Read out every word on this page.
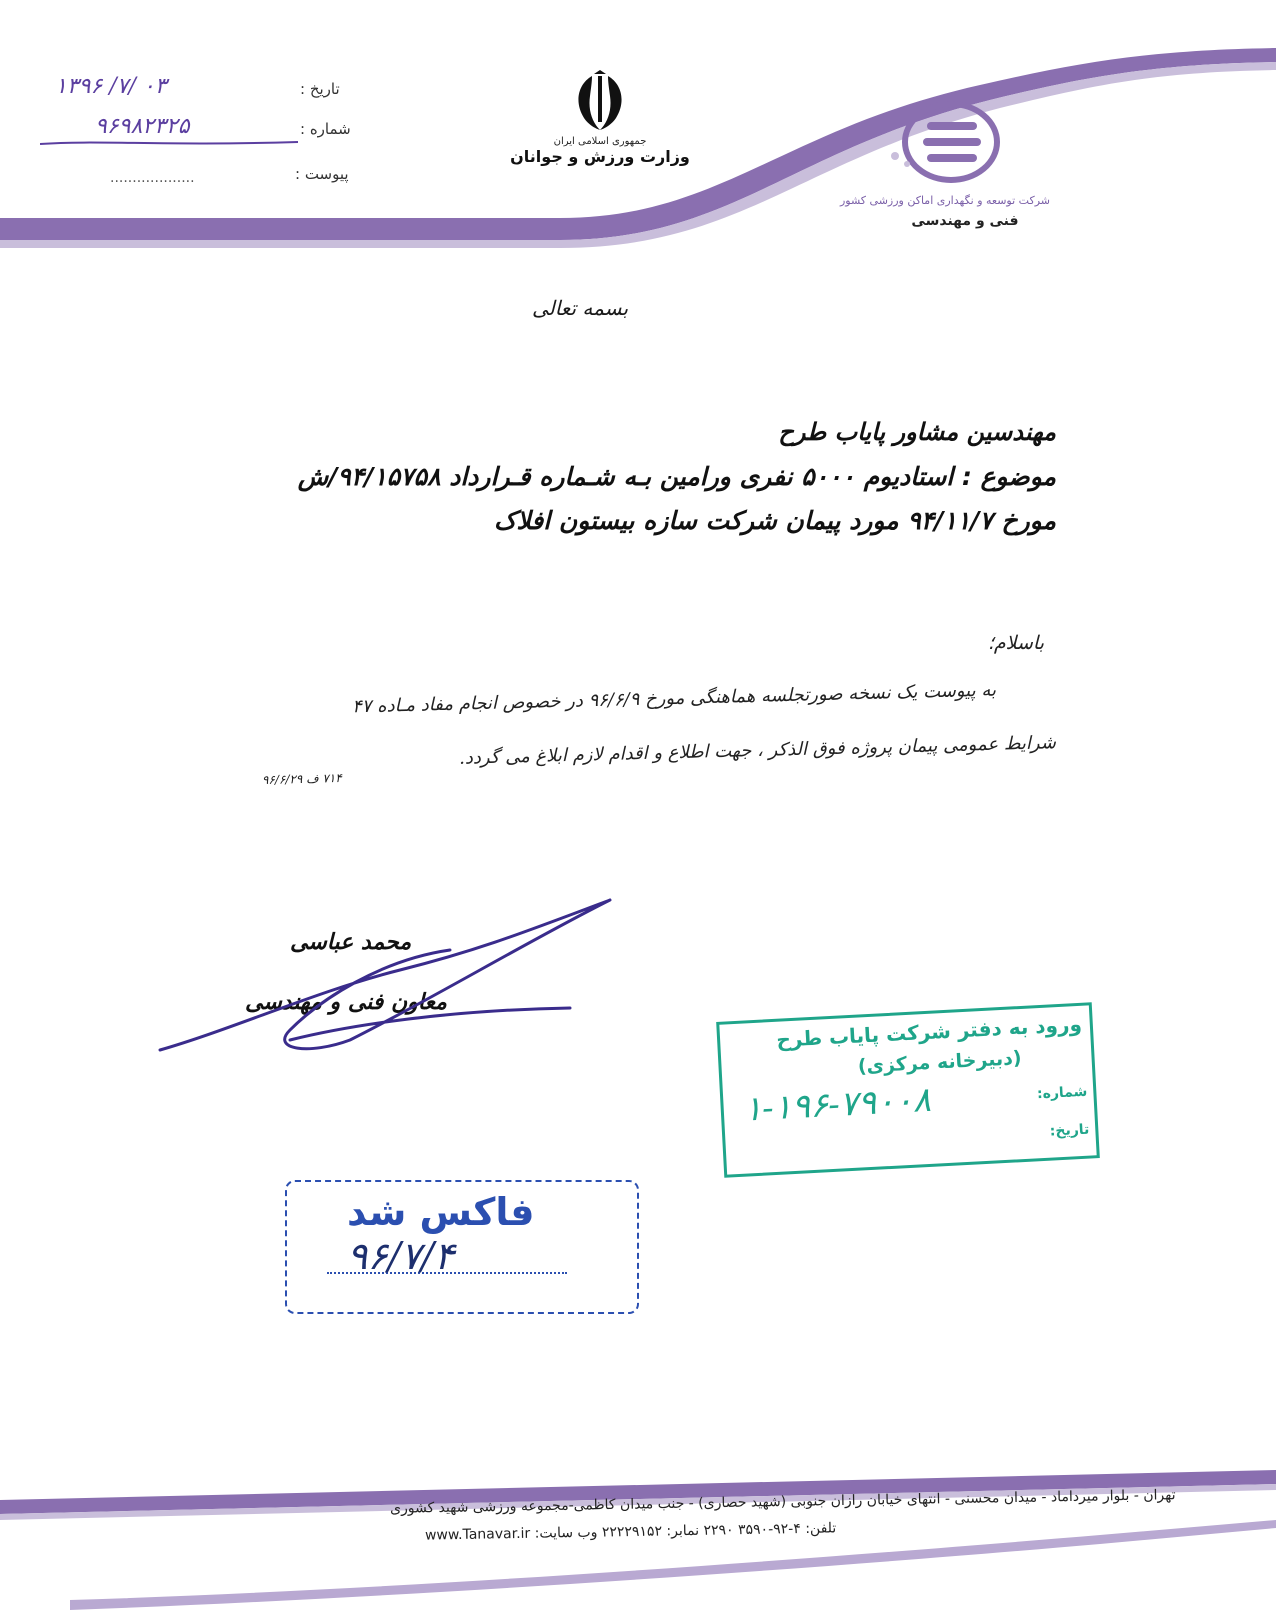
تاریخ :
۱۳۹۶ /۷/ ۰۳
شماره :
۹۶۹۸۲۳۲۵
پیوست :
...................
جمهوری اسلامی ایران
وزارت ورزش و جوانان
شرکت توسعه و نگهداری اماکن ورزشی کشور
فنی و مهندسی
بسمه تعالی
مهندسین مشاور پایاب طرح
موضوع : استادیوم ۵۰۰۰ نفری ورامین بـه شـماره قـرارداد ۹۴/۱۵۷۵۸/ش
مورخ ۹۴/۱۱/۷ مورد پیمان شرکت سازه بیستون افلاک
باسلام؛
به پیوست یک نسخه صورتجلسه هماهنگی مورخ ۹۶/۶/۹ در خصوص انجام مفاد مـاده ۴۷
شرایط عمومی پیمان پروژه فوق الذکر ، جهت اطلاع و اقدام لازم ابلاغ می گردد.
۷۱۴ ف ۹۶/۶/۲۹
محمد عباسی
معاون فنی و مهندسی
ورود به دفتر شرکت پایاب طرح
(دبیرخانه مرکزی)
شماره:
۱-۱۹۶-۷۹۰۰۸
تاریخ:
فاکس شد
۹۶/۷/۴
تهران - بلوار میرداماد - میدان محسنی - انتهای خیابان رازان جنوبی (شهید حصاری) - جنب میدان کاظمی-مجموعه ورزشی شهید کشوری
تلفن: ۴-۹۲-۳۵۹۰ ۲۲۹۰ نمابر: ۲۲۲۲۹۱۵۲ وب سایت: www.Tanavar.ir
